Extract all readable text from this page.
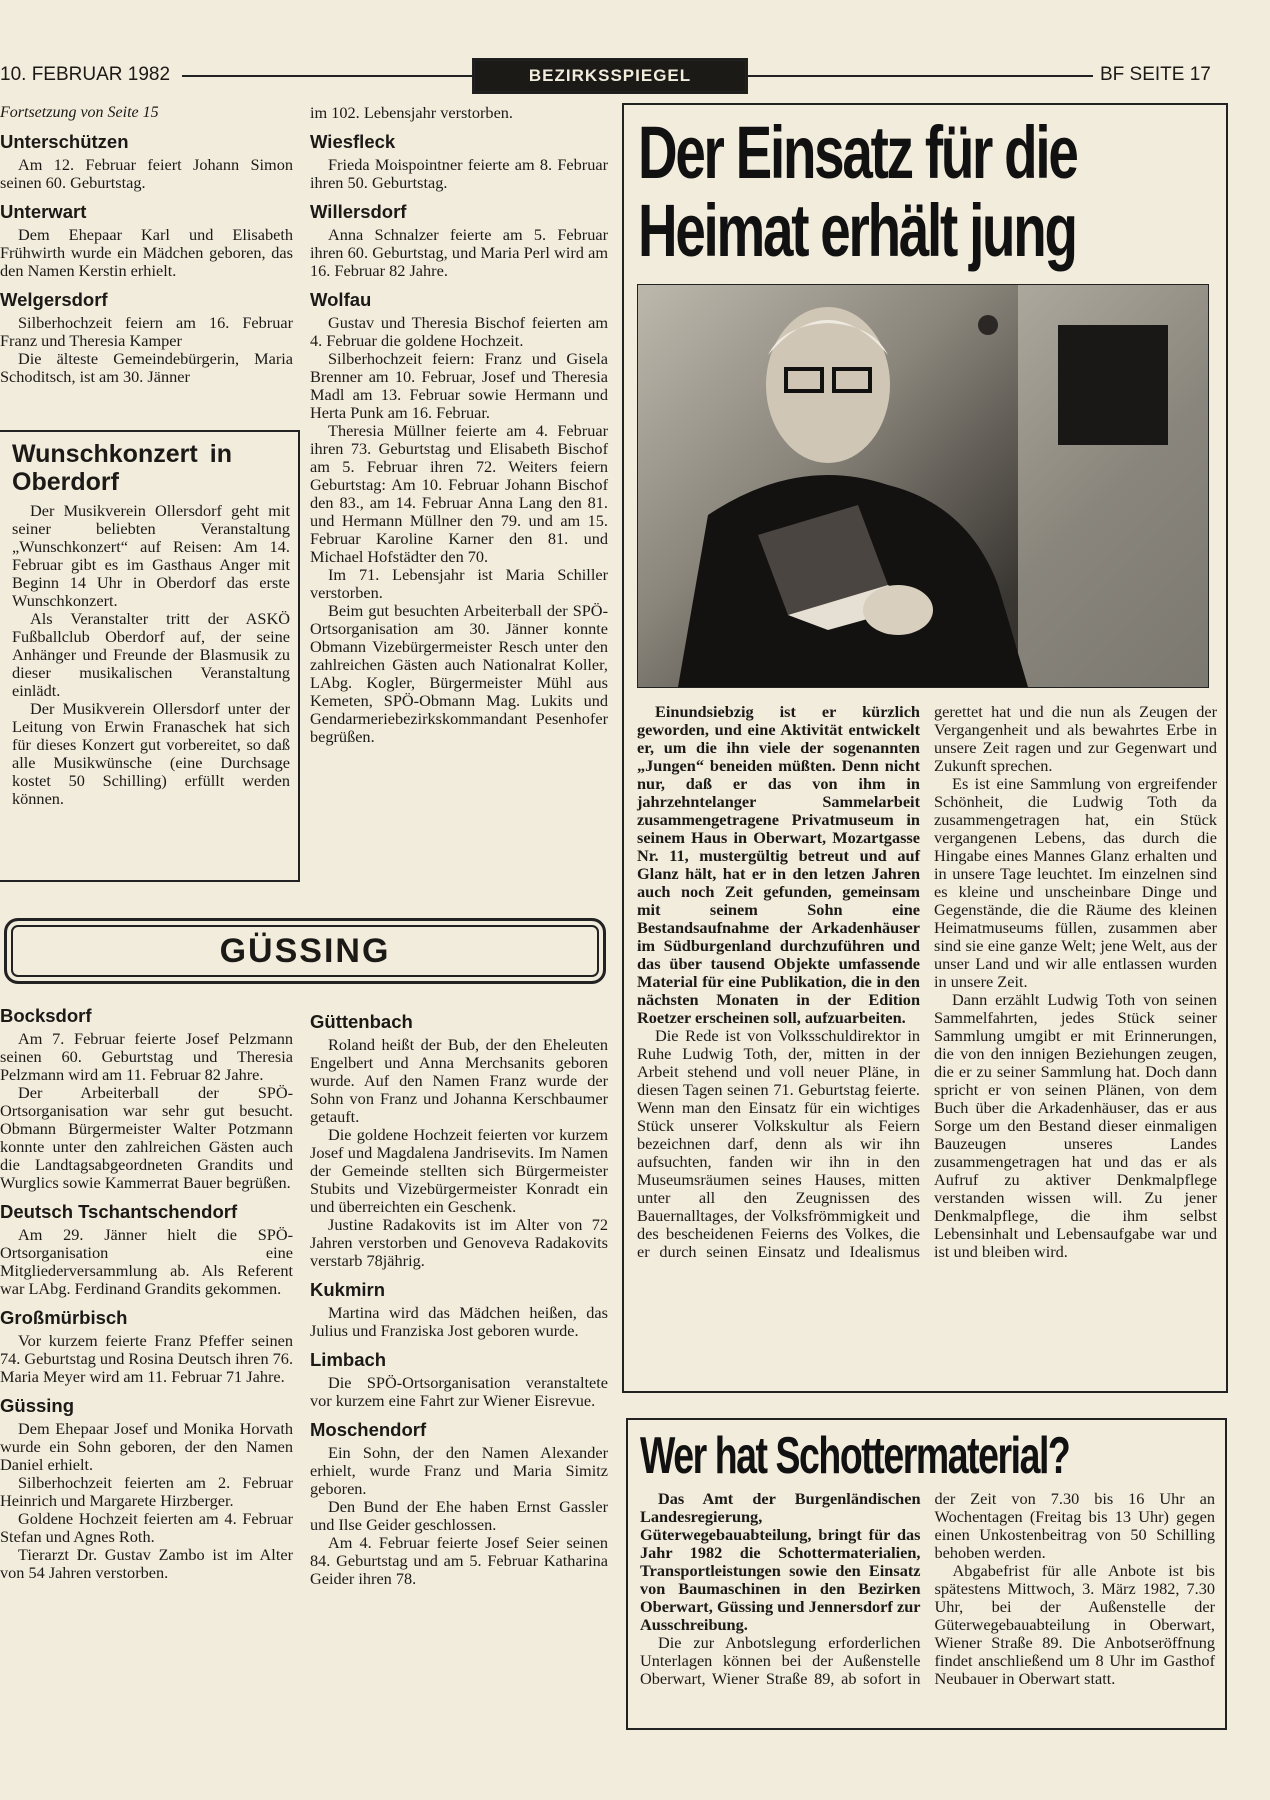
10. FEBRUAR 1982	BEZIRKSSPIEGEL	BF SEITE 17

Fortsetzung von Seite 15

Unterschützen

Am 12. Februar feiert Johann Simon seinen 60. Geburtstag.

Unterwart

Dem Ehepaar Karl und Elisabeth Frühwirth wurde ein Mädchen geboren, das den Namen Kerstin erhielt.

Welgersdorf

Silberhochzeit feiern am 16. Februar Franz und Theresia Kamper

Die älteste Gemeindebürgerin, Maria Schoditsch, ist am 30. Jänner

im 102. Lebensjahr verstorben.

Wiesfleck

Frieda Moispointner feierte am 8. Februar ihren 50. Geburtstag.

Willersdorf

Anna Schnalzer feierte am 5. Februar ihren 60. Geburtstag, und Maria Perl wird am 16. Februar 82 Jahre.

Wolfau

Gustav und Theresia Bischof feierten am 4. Februar die goldene Hochzeit.

Silberhochzeit feiern: Franz und Gisela Brenner am 10. Februar, Josef und Theresia Madl am 13. Februar sowie Hermann und Herta Punk am 16. Februar.

Theresia Müllner feierte am 4. Februar ihren 73. Geburtstag und Elisabeth Bischof am 5. Februar ihren 72. Weiters feiern Geburtstag: Am 10. Februar Johann Bischof den 83., am 14. Februar Anna Lang den 81. und Hermann Müllner den 79. und am 15. Februar Karoline Karner den 81. und Michael Hofstädter den 70.

Im 71. Lebensjahr ist Maria Schiller verstorben.

Beim gut besuchten Arbeiterball der SPÖ-Ortsorganisation am 30. Jänner konnte Obmann Vizebürgermeister Resch unter den zahlreichen Gästen auch Nationalrat Koller, LAbg. Kogler, Bürgermeister Mühl aus Kemeten, SPÖ-Obmann Mag. Lukits und Gendarmeriebezirkskommandant Pesenhofer begrüßen.

Wunschkonzert in Oberdorf

Der Musikverein Ollersdorf geht mit seiner beliebten Veranstaltung „Wunschkonzert“ auf Reisen: Am 14. Februar gibt es im Gasthaus Anger mit Beginn 14 Uhr in Oberdorf das erste Wunschkonzert.

Als Veranstalter tritt der ASKÖ Fußballclub Oberdorf auf, der seine Anhänger und Freunde der Blasmusik zu dieser musikalischen Veranstaltung einlädt.

Der Musikverein Ollersdorf unter der Leitung von Erwin Franaschek hat sich für dieses Konzert gut vorbereitet, so daß alle Musikwünsche (eine Durchsage kostet 50 Schilling) erfüllt werden können.

GÜSSING
Bocksdorf

Am 7. Februar feierte Josef Pelzmann seinen 60. Geburtstag und Theresia Pelzmann wird am 11. Februar 82 Jahre.

Der Arbeiterball der SPÖ-Ortsorganisation war sehr gut besucht. Obmann Bürgermeister Walter Potzmann konnte unter den zahlreichen Gästen auch die Landtagsabgeordneten Grandits und Wurglics sowie Kammerrat Bauer begrüßen.

Deutsch Tschantschendorf

Am 29. Jänner hielt die SPÖ-Ortsorganisation eine Mitgliederversammlung ab. Als Referent war LAbg. Ferdinand Grandits gekommen.

Großmürbisch

Vor kurzem feierte Franz Pfeffer seinen 74. Geburtstag und Rosina Deutsch ihren 76. Maria Meyer wird am 11. Februar 71 Jahre.

Güssing

Dem Ehepaar Josef und Monika Horvath wurde ein Sohn geboren, der den Namen Daniel erhielt.

Silberhochzeit feierten am 2. Februar Heinrich und Margarete Hirzberger.

Goldene Hochzeit feierten am 4. Februar Stefan und Agnes Roth.

Tierarzt Dr. Gustav Zambo ist im Alter von 54 Jahren verstorben.

Güttenbach

Roland heißt der Bub, der den Eheleuten Engelbert und Anna Merchsanits geboren wurde. Auf den Namen Franz wurde der Sohn von Franz und Johanna Kerschbaumer getauft.

Die goldene Hochzeit feierten vor kurzem Josef und Magdalena Jandrisevits. Im Namen der Gemeinde stellten sich Bürgermeister Stubits und Vizebürgermeister Konradt ein und überreichten ein Geschenk.

Justine Radakovits ist im Alter von 72 Jahren verstorben und Genoveva Radakovits verstarb 78jährig.

Kukmirn

Martina wird das Mädchen heißen, das Julius und Franziska Jost geboren wurde.

Limbach

Die SPÖ-Ortsorganisation veranstaltete vor kurzem eine Fahrt zur Wiener Eisrevue.

Moschendorf

Ein Sohn, der den Namen Alexander erhielt, wurde Franz und Maria Simitz geboren.

Den Bund der Ehe haben Ernst Gassler und Ilse Geider geschlossen.

Am 4. Februar feierte Josef Seier seinen 84. Geburtstag und am 5. Februar Katharina Geider ihren 78.

Der Einsatz für die
Heimat erhält jung

Einundsiebzig ist er kürzlich geworden, und eine Aktivität entwickelt er, um die ihn viele der sogenannten „Jungen“ beneiden müßten. Denn nicht nur, daß er das von ihm in jahrzehntelanger Sammelarbeit zusammengetragene Privatmuseum in seinem Haus in Oberwart, Mozartgasse Nr. 11, mustergültig betreut und auf Glanz hält, hat er in den letzen Jahren auch noch Zeit gefunden, gemeinsam mit seinem Sohn eine Bestandsaufnahme der Arkadenhäuser im Südburgenland durchzuführen und das über tausend Objekte umfassende Material für eine Publikation, die in den nächsten Monaten in der Edition Roetzer erscheinen soll, aufzuarbeiten.

Die Rede ist von Volksschuldirektor in Ruhe Ludwig Toth, der, mitten in der Arbeit stehend und voll neuer Pläne, in diesen Tagen seinen 71. Geburtstag feierte. Wenn man den Einsatz für ein wichtiges Stück unserer Volkskultur als Feiern bezeichnen darf, denn als wir ihn aufsuchten, fanden wir ihn in den Museumsräumen seines Hauses, mitten unter all den Zeugnissen des Bauernalltages, der Volksfrömmigkeit und des bescheidenen Feierns des Volkes, die er durch seinen Einsatz und Idealismus gerettet hat und die nun als Zeugen der Vergangenheit und als bewahrtes Erbe in unsere Zeit ragen und zur Gegenwart und Zukunft sprechen.

Es ist eine Sammlung von ergreifender Schönheit, die Ludwig Toth da zusammengetragen hat, ein Stück vergangenen Lebens, das durch die Hingabe eines Mannes Glanz erhalten und in unsere Tage leuchtet. Im einzelnen sind es kleine und unscheinbare Dinge und Gegenstände, die die Räume des kleinen Heimatmuseums füllen, zusammen aber sind sie eine ganze Welt; jene Welt, aus der unser Land und wir alle entlassen wurden in unsere Zeit.

Dann erzählt Ludwig Toth von seinen Sammelfahrten, jedes Stück seiner Sammlung umgibt er mit Erinnerungen, die von den innigen Beziehungen zeugen, die er zu seiner Sammlung hat. Doch dann spricht er von seinen Plänen, von dem Buch über die Arkadenhäuser, das er aus Sorge um den Bestand dieser einmaligen Bauzeugen unseres Landes zusammengetragen hat und das er als Aufruf zu aktiver Denkmalpflege verstanden wissen will. Zu jener Denkmalpflege, die ihm selbst Lebensinhalt und Lebensaufgabe war und ist und bleiben wird.

Wer hat Schottermaterial?

Das Amt der Burgenländischen Landesregierung, Güterwegebauabteilung, bringt für das Jahr 1982 die Schottermaterialien, Transportleistungen sowie den Einsatz von Baumaschinen in den Bezirken Oberwart, Güssing und Jennersdorf zur Ausschreibung.

Die zur Anbotslegung erforderlichen Unterlagen können bei der Außenstelle Oberwart, Wiener Straße 89, ab sofort in der Zeit von 7.30 bis 16 Uhr an Wochentagen (Freitag bis 13 Uhr) gegen einen Unkostenbeitrag von 50 Schilling behoben werden.

Abgabefrist für alle Anbote ist bis spätestens Mittwoch, 3. März 1982, 7.30 Uhr, bei der Außenstelle der Güterwegebauabteilung in Oberwart, Wiener Straße 89. Die Anbotseröffnung findet anschließend um 8 Uhr im Gasthof Neubauer in Oberwart statt.
